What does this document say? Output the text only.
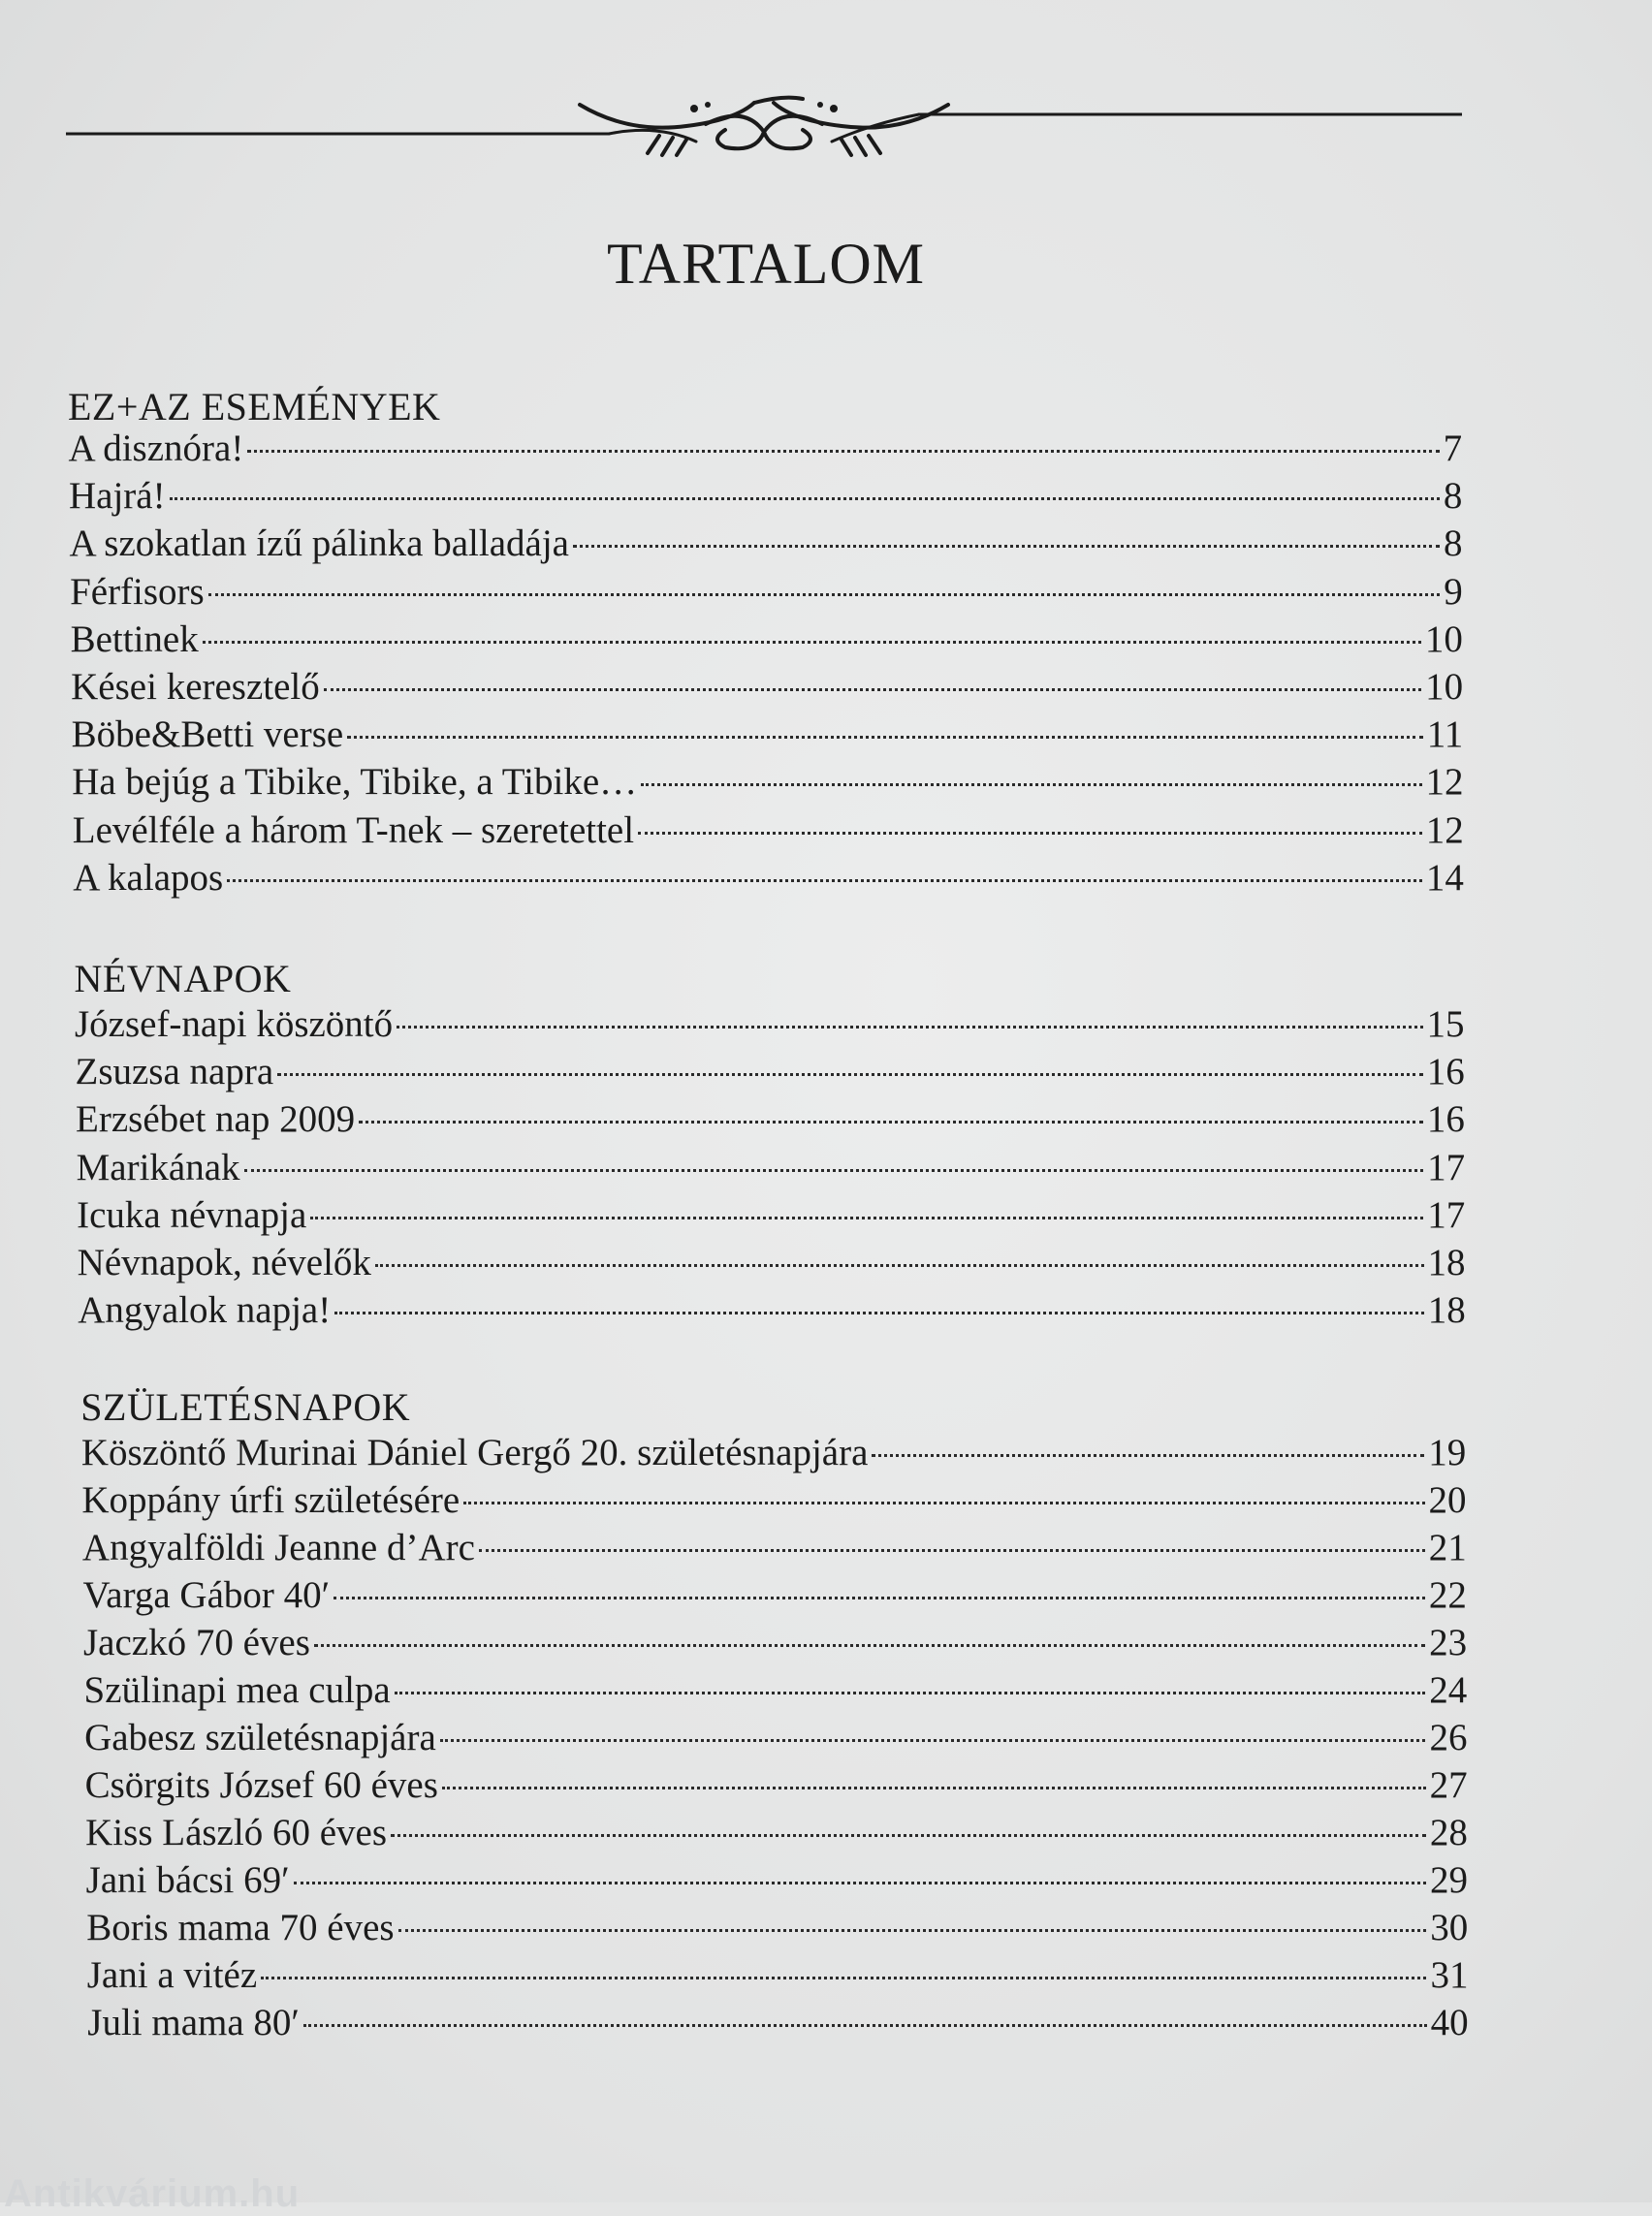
TARTALOM
EZ+AZ ESEMÉNYEK
A disznóra!	7
Hajrá!	8
A szokatlan ízű pálinka balladája	8
Férfisors	9
Bettinek	10
Kései keresztelő	10
Böbe&Betti verse	11
Ha bejúg a Tibike, Tibike, a Tibike…	12
Levélféle a három T-nek – szeretettel	12
A kalapos	14
NÉVNAPOK
József-napi köszöntő	15
Zsuzsa napra	16
Erzsébet nap 2009	16
Marikának	17
Icuka névnapja	17
Névnapok, névelők	18
Angyalok napja!	18
SZÜLETÉSNAPOK
Köszöntő Murinai Dániel Gergő 20. születésnapjára	19
Koppány úrfi születésére	20
Angyalföldi Jeanne d’Arc	21
Varga Gábor 40′	22
Jaczkó 70 éves	23
Szülinapi mea culpa	24
Gabesz születésnapjára	26
Csörgits József 60 éves	27
Kiss László 60 éves	28
Jani bácsi 69′	29
Boris mama 70 éves	30
Jani a vitéz	31
Juli mama 80′	40
Antikvárium.hu
